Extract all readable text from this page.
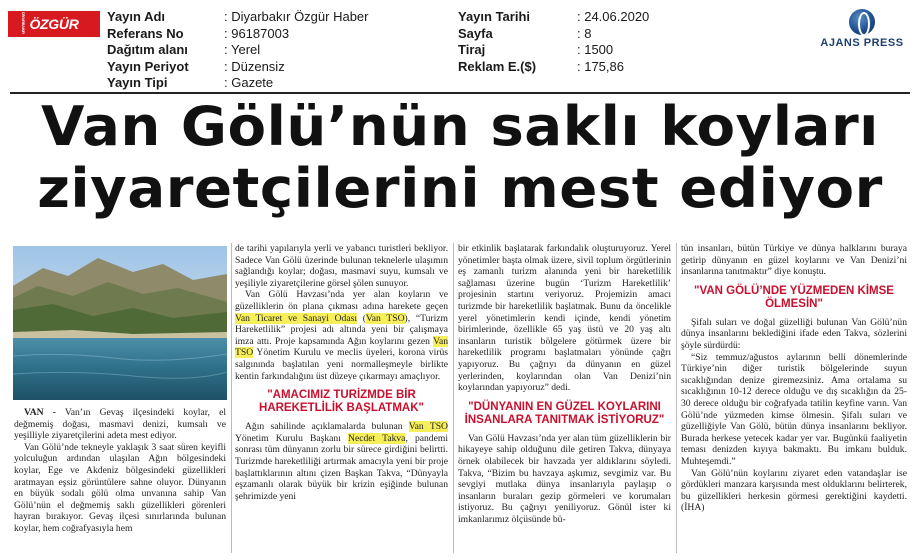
DİYARBAKIR ÖZGÜR HABER
Yayın Adı	: Diyarbakır Özgür Haber
Referans No	: 96187003
Dağıtım alanı	: Yerel
Yayın Periyot	: Düzensiz
Yayın Tipi	: Gazete
Yayın Tarihi	: 24.06.2020
Sayfa	: 8
Tiraj	: 1500
Reklam E.($)	: 175,86
AJANS PRESS
Van Gölü’nün saklı koyları
ziyaretçilerini mest ediyor

VAN - Van’ın Gevaş ilçesindeki koylar, el değmemiş doğası, masmavi denizi, kumsalı ve yeşilliyle ziyaretçilerini adeta mest ediyor.

Van Gölü’nde tekneyle yaklaşık 3 saat süren keyifli yolculuğun ardından ulaşılan Ağın bölgesindeki koylar, Ege ve Akdeniz bölgesindeki güzellikleri aratmayan eşsiz görüntülere sahne oluyor. Dünyanın en büyük sodalı gölü olma unvanına sahip Van Gölü’nün el değmemiş saklı güzellikleri görenleri hayran bırakıyor. Gevaş ilçesi sınırlarında bulunan koylar, hem coğrafyasıyla hem

de tarihi yapılarıyla yerli ve yabancı turistleri bekliyor. Sadece Van Gölü üzerinde bulunan teknelerle ulaşımın sağlandığı koylar; doğası, masmavi suyu, kumsalı ve yeşiliyle ziyaretçilerine görsel şölen sunuyor.

Van Gölü Havzası’nda yer alan koyların ve güzelliklerin ön plana çıkması adına harekete geçen Van Ticaret ve Sanayi Odası (Van TSO), “Turizm Hareketlilik” projesi adı altında yeni bir çalışmaya imza attı. Proje kapsamında Ağın koylarını gezen Van TSO Yönetim Kurulu ve meclis üyeleri, korona virüs salgınında başlatılan yeni normalleşmeyle birlikte kentin farkındalığını üst düzeye çıkarmayı amaçlıyor.

"AMACIMIZ TURİZMDE BİR HAREKETLİLİK BAŞLATMAK"

Ağın sahilinde açıklamalarda bulunan Van TSO Yönetim Kurulu Başkanı Necdet Takva, pandemi sonrası tüm dünyanın zorlu bir sürece girdiğini belirtti. Turizmde hareketliliği artırmak amacıyla yeni bir proje başlattıklarının altını çizen Başkan Takva, “Dünyayla eşzamanlı olarak büyük bir krizin eşiğinde bulunan şehrimizde yeni

bir etkinlik başlatarak farkındalık oluşturuyoruz. Yerel yönetimler başta olmak üzere, sivil toplum örgütlerinin eş zamanlı turizm alanında yeni bir hareketlilik sağlaması üzerine bugün ‘Turizm Hareketlilik’ projesinin startını veriyoruz. Projemizin amacı turizmde bir hareketlilik başlatmak. Bunu da öncelikle yerel yönetimlerin kendi içinde, kendi yönetim birimlerinde, özellikle 65 yaş üstü ve 20 yaş altı insanların turistik bölgelere götürmek üzere bir hareketlilik programı başlatmaları yönünde çağrı yapıyoruz. Bu çağrıyı da dünyanın en güzel yerlerinden, koylarından olan Van Denizi’nin koylarından yapıyoruz” dedi.

"DÜNYANIN EN GÜZEL KOYLARINI İNSANLARA TANITMAK İSTİYORUZ"

Van Gölü Havzası’nda yer alan tüm güzelliklerin bir hikayeye sahip olduğunu dile getiren Takva, dünyaya örnek olabilecek bir havzada yer aldıklarını söyledi. Takva, “Bizim bu havzaya aşkımız, sevgimiz var. Bu sevgiyi mutlaka dünya insanlarıyla paylaşıp o insanların buraları gezip görmeleri ve korumaları istiyoruz. Bu çağrıyı yeniliyoruz. Gönül ister ki imkanlarımız ölçüsünde bü-

tün insanları, bütün Türkiye ve dünya halklarını buraya getirip dünyanın en güzel koylarını ve Van Denizi’ni insanlarına tanıtmaktır” diye konuştu.

"VAN GÖLÜ’NDE YÜZMEDEN KİMSE ÖLMESİN"

Şifalı suları ve doğal güzelliği bulunan Van Gölü’nün dünya insanlarını beklediğini ifade eden Takva, sözlerini şöyle sürdürdü:

“Siz temmuz/ağustos aylarının belli dönemlerinde Türkiye’nin diğer turistik bölgelerinde suyun sıcaklığından denize giremezsiniz. Ama ortalama su sıcaklığının 10-12 derece olduğu ve dış sıcaklığın da 25-30 derece olduğu bir coğrafyada tatilin keyfine varın. Van Gölü’nde yüzmeden kimse ölmesin. Şifalı suları ve güzelliğiyle Van Gölü, bütün dünya insanlarını bekliyor. Burada herkese yetecek kadar yer var. Bugünkü faaliyetin teması denizden kıyıya bakmaktı. Bu imkanı bulduk. Muhteşemdi.”

Van Gölü’nün koylarını ziyaret eden vatandaşlar ise gördükleri manzara karşısında mest olduklarını belirterek, bu güzellikleri herkesin görmesi gerektiğini kaydetti. (İHA)
